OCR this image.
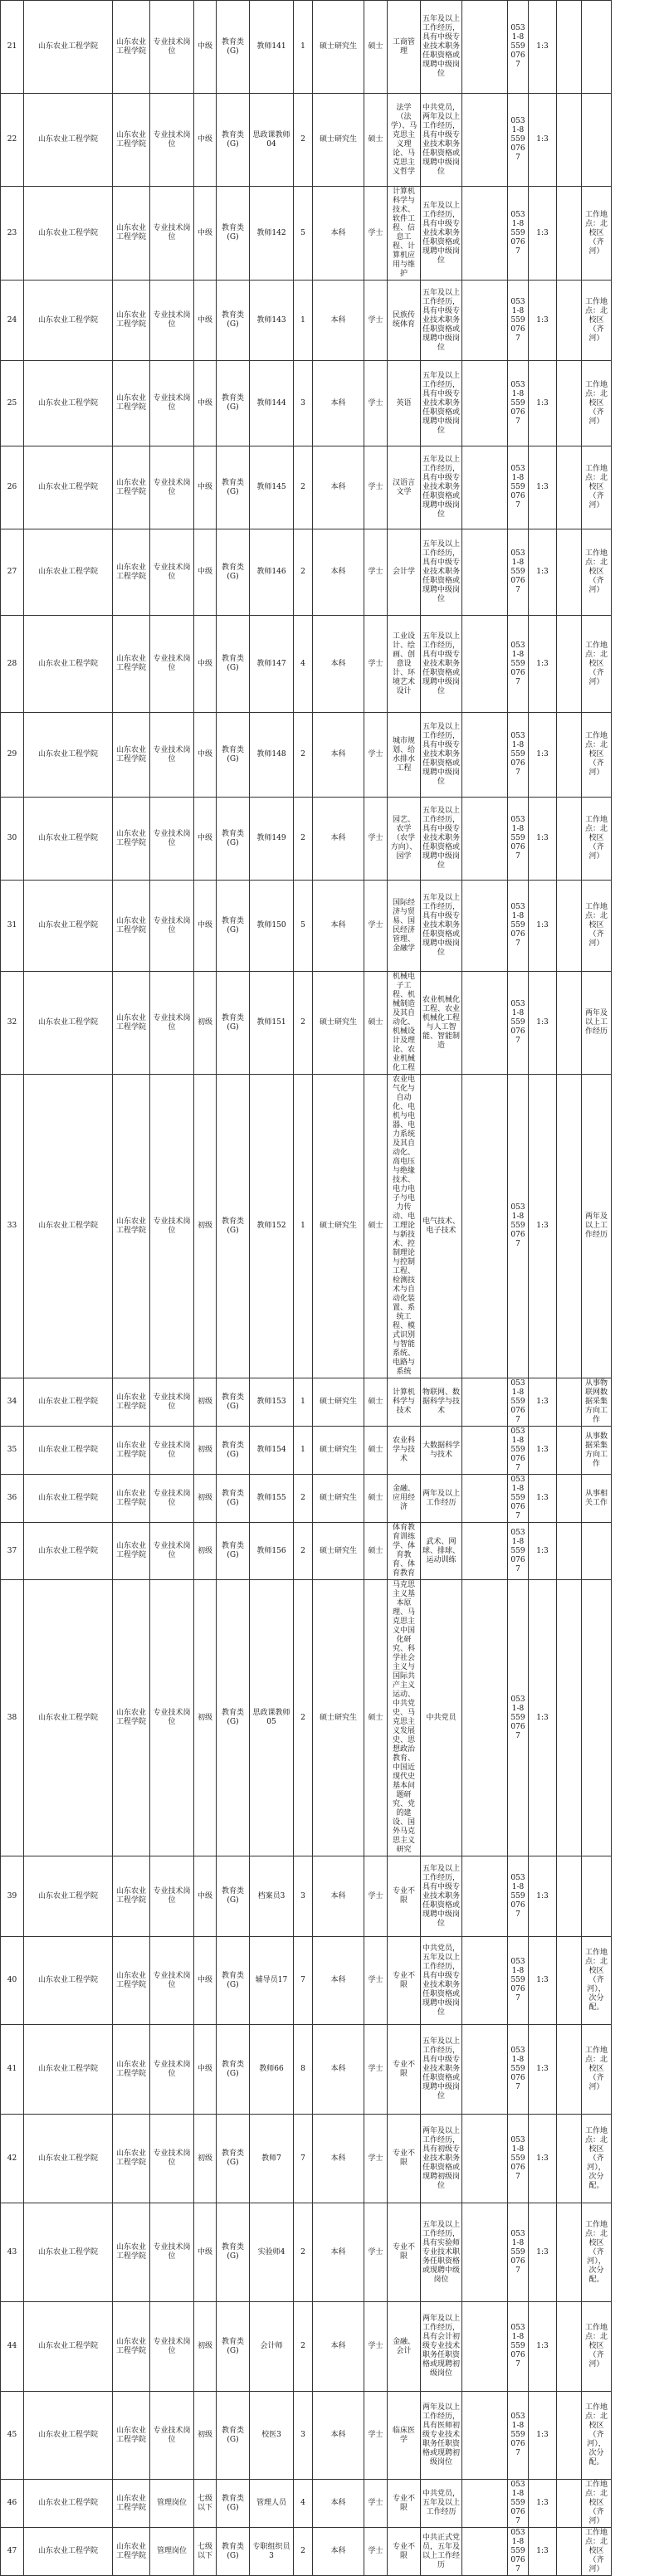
21	山东农业工程学院	山东农业工程学院	专业技术岗位	中级	教育类(G)	教师141	1	硕士研究生	硕士	工商管理	五年及以上工作经历，具有中级专业技术职务任职资格或现聘中级岗位		0531-85590767	1:3		
22	山东农业工程学院	山东农业工程学院	专业技术岗位	中级	教育类(G)	思政课教师04	2	硕士研究生	硕士	法学（法学）、马克思主义理论、马克思主义哲学	中共党员，两年及以上工作经历，具有中级专业技术职务任职资格或现聘中级岗位		0531-85590767	1:3		
23	山东农业工程学院	山东农业工程学院	专业技术岗位	中级	教育类(G)	教师142	5	本科	学士	计算机科学与技术、软件工程、信息工程、计算机应用与维护	五年及以上工作经历，具有中级专业技术职务任职资格或现聘中级岗位		0531-85590767	1:3		工作地点：北校区（齐河）
24	山东农业工程学院	山东农业工程学院	专业技术岗位	中级	教育类(G)	教师143	1	本科	学士	民族传统体育	五年及以上工作经历，具有中级专业技术职务任职资格或现聘中级岗位		0531-85590767	1:3		工作地点：北校区（齐河）
25	山东农业工程学院	山东农业工程学院	专业技术岗位	中级	教育类(G)	教师144	3	本科	学士	英语	五年及以上工作经历，具有中级专业技术职务任职资格或现聘中级岗位		0531-85590767	1:3		工作地点：北校区（齐河）
26	山东农业工程学院	山东农业工程学院	专业技术岗位	中级	教育类(G)	教师145	2	本科	学士	汉语言文学	五年及以上工作经历，具有中级专业技术职务任职资格或现聘中级岗位		0531-85590767	1:3		工作地点：北校区（齐河）
27	山东农业工程学院	山东农业工程学院	专业技术岗位	中级	教育类(G)	教师146	2	本科	学士	会计学	五年及以上工作经历，具有中级专业技术职务任职资格或现聘中级岗位		0531-85590767	1:3		工作地点：北校区（齐河）
28	山东农业工程学院	山东农业工程学院	专业技术岗位	中级	教育类(G)	教师147	4	本科	学士	工业设计、绘画、创意设计、环境艺术设计	五年及以上工作经历，具有中级专业技术职务任职资格或现聘中级岗位		0531-85590767	1:3		工作地点：北校区（齐河）
29	山东农业工程学院	山东农业工程学院	专业技术岗位	中级	教育类(G)	教师148	2	本科	学士	城市规划、给水排水工程	五年及以上工作经历，具有中级专业技术职务任职资格或现聘中级岗位		0531-85590767	1:3		工作地点：北校区（齐河）
30	山东农业工程学院	山东农业工程学院	专业技术岗位	中级	教育类(G)	教师149	2	本科	学士	园艺、农学（农学方向）、园学	五年及以上工作经历，具有中级专业技术职务任职资格或现聘中级岗位		0531-85590767	1:3		工作地点：北校区（齐河）
31	山东农业工程学院	山东农业工程学院	专业技术岗位	中级	教育类(G)	教师150	5	本科	学士	国际经济与贸易、国民经济管理、金融学	五年及以上工作经历，具有中级专业技术职务任职资格或现聘中级岗位		0531-85590767	1:3		工作地点：北校区（齐河）
32	山东农业工程学院	山东农业工程学院	专业技术岗位	初级	教育类(G)	教师151	2	硕士研究生	硕士	机械电子工程、机械制造及其自动化、机械设计及理论、农业机械化工程	农业机械化工程、农业机械化工程与人工智能、智能制造		0531-85590767	1:3		两年及以上工作经历
33	山东农业工程学院	山东农业工程学院	专业技术岗位	初级	教育类(G)	教师152	1	硕士研究生	硕士	农业电气化与自动化、电机与电器、电力系统及其自动化、高电压与绝缘技术、电力电子与电力传动、电工理论与新技术、控制理论与控制工程、检测技术与自动化装置、系统工程、模式识别与智能系统、电路与系统	电气技术、电子技术		0531-85590767	1:3		两年及以上工作经历
34	山东农业工程学院	山东农业工程学院	专业技术岗位	初级	教育类(G)	教师153	1	硕士研究生	硕士	计算机科学与技术	物联网、数据科学与技术		0531-85590767	1:3		从事物联网数据采集方向工作
35	山东农业工程学院	山东农业工程学院	专业技术岗位	初级	教育类(G)	教师154	1	硕士研究生	硕士	农业科学与技术	大数据科学与技术		0531-85590767	1:3		从事数据采集方向工作
36	山东农业工程学院	山东农业工程学院	专业技术岗位	初级	教育类(G)	教师155	2	硕士研究生	硕士	金融、应用经济	两年及以上工作经历		0531-85590767	1:3		从事相关工作
37	山东农业工程学院	山东农业工程学院	专业技术岗位	初级	教育类(G)	教师156	2	硕士研究生	硕士	体育教育训练学、体育教育、体育教育	武术、网球、排球、运动训练		0531-85590767	1:3		
38	山东农业工程学院	山东农业工程学院	专业技术岗位	初级	教育类(G)	思政课教师05	2	硕士研究生	硕士	马克思主义基本原理、马克思主义中国化研究、科学社会主义与国际共产主义运动、中共党史、马克思主义发展史、思想政治教育、中国近现代史基本问题研究、党的建设、国外马克思主义研究	中共党员		0531-85590767	1:3		
39	山东农业工程学院	山东农业工程学院	专业技术岗位	中级	教育类(G)	档案员3	3	本科	学士	专业不限	五年及以上工作经历，具有中级专业技术职务任职资格或现聘中级岗位		0531-85590767	1:3		
40	山东农业工程学院	山东农业工程学院	专业技术岗位	中级	教育类(G)	辅导员17	7	本科	学士	专业不限	中共党员，五年及以上工作经历，具有中级专业技术职务任职资格或现聘中级岗位		0531-85590767	1:3		工作地点：北校区（齐河），次分配。
41	山东农业工程学院	山东农业工程学院	专业技术岗位	中级	教育类(G)	教师66	8	本科	学士	专业不限	五年及以上工作经历，具有中级专业技术职务任职资格或现聘中级岗位		0531-85590767	1:3		工作地点：北校区（齐河）
42	山东农业工程学院	山东农业工程学院	专业技术岗位	初级	教育类(G)	教师7	7	本科	学士	专业不限	两年及以上工作经历，具有初级专业技术职务任职资格或现聘初级岗位		0531-85590767	1:3		工作地点：北校区（齐河），次分配。
43	山东农业工程学院	山东农业工程学院	专业技术岗位	中级	教育类(G)	实验师4	2	本科	学士	专业不限	五年及以上工作经历，具有实验师专业技术职务任职资格或现聘中级岗位		0531-85590767	1:3		工作地点：北校区（齐河），次分配。
44	山东农业工程学院	山东农业工程学院	专业技术岗位	初级	教育类(G)	会计师	2	本科	学士	金融、会计	两年及以上工作经历，具有会计初级专业技术职务任职资格或现聘初级岗位		0531-85590767	1:3		工作地点：北校区（齐河）
45	山东农业工程学院	山东农业工程学院	专业技术岗位	初级	教育类(G)	校医3	3	本科	学士	临床医学	两年及以上工作经历，具有医师初级专业技术职务任职资格或现聘初级岗位		0531-85590767	1:3		工作地点：北校区（齐河），次分配。
46	山东农业工程学院	山东农业工程学院	管理岗位	七级以下	教育类(G)	管理人员	4	本科	学士	专业不限	中共党员，五年及以上工作经历		0531-85590767	1:3		工作地点：北校区（齐河）
47	山东农业工程学院	山东农业工程学院	管理岗位	七级以下	教育类(G)	专职组织员3	2	本科	学士	专业不限	中共正式党员，五年及以上工作经历		0531-85590767	1:3		工作地点：北校区（齐河）
